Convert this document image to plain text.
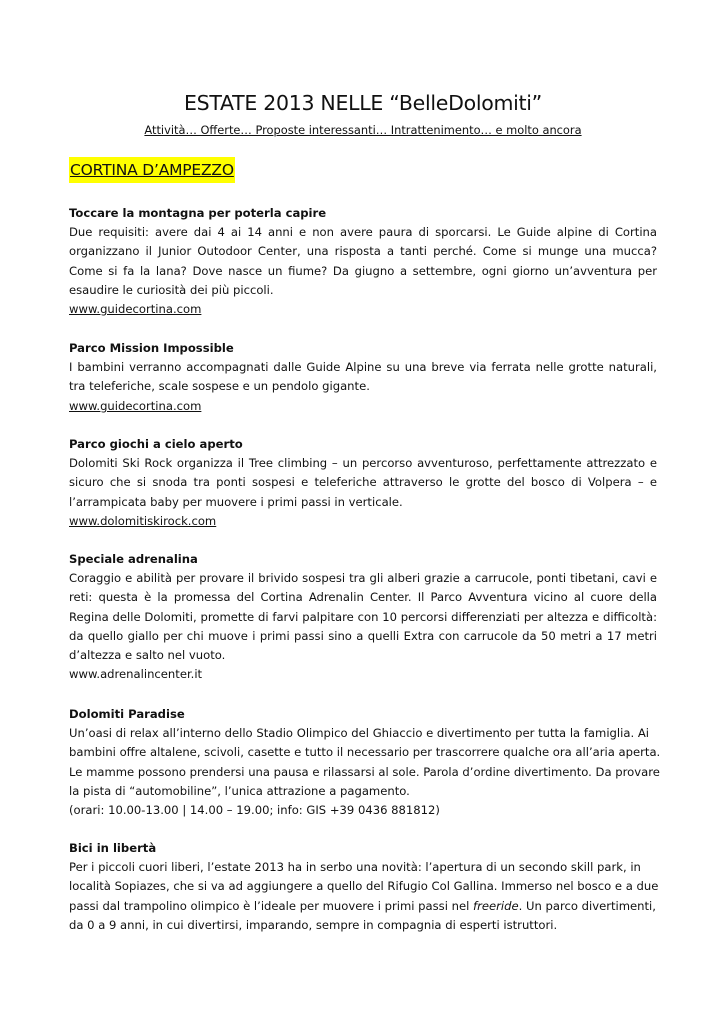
ESTATE 2013 NELLE “BelleDolomiti”
Attività… Offerte… Proposte interessanti… Intrattenimento… e molto ancora
CORTINA D’AMPEZZO
Toccare la montagna per poterla capire
Due requisiti: avere dai 4 ai 14 anni e non avere paura di sporcarsi. Le Guide alpine di Cortina organizzano il Junior Outodoor Center, una risposta a tanti perché. Come si munge una mucca? Come si fa la lana? Dove nasce un fiume? Da giugno a settembre, ogni giorno un’avventura per esaudire le curiosità dei più piccoli.
www.guidecortina.com
Parco Mission Impossible
I bambini verranno accompagnati dalle Guide Alpine su una breve via ferrata nelle grotte naturali, tra teleferiche, scale sospese e un pendolo gigante.
www.guidecortina.com
Parco giochi a cielo aperto
Dolomiti Ski Rock organizza il Tree climbing – un percorso avventuroso, perfettamente attrezzato e sicuro che si snoda tra ponti sospesi e teleferiche attraverso le grotte del bosco di Volpera – e l’arrampicata baby per muovere i primi passi in verticale.
www.dolomitiskirock.com
Speciale adrenalina
Coraggio e abilità per provare il brivido sospesi tra gli alberi grazie a carrucole, ponti tibetani, cavi e reti: questa è la promessa del Cortina Adrenalin Center. Il Parco Avventura vicino al cuore della Regina delle Dolomiti, promette di farvi palpitare con 10 percorsi differenziati per altezza e difficoltà: da quello giallo per chi muove i primi passi sino a quelli Extra con carrucole da 50 metri a 17 metri d’altezza e salto nel vuoto.
www.adrenalincenter.it
Dolomiti Paradise
Un’oasi di relax all’interno dello Stadio Olimpico del Ghiaccio e divertimento per tutta la famiglia. Ai
bambini offre altalene, scivoli, casette e tutto il necessario per trascorrere qualche ora all’aria aperta.
Le mamme possono prendersi una pausa e rilassarsi al sole. Parola d’ordine divertimento. Da provare
la pista di “automobiline”, l’unica attrazione a pagamento.
(orari: 10.00-13.00 | 14.00 – 19.00; info: GIS +39 0436 881812)
Bici in libertà
Per i piccoli cuori liberi, l’estate 2013 ha in serbo una novità: l’apertura di un secondo skill park, in
località Sopiazes, che si va ad aggiungere a quello del Rifugio Col Gallina. Immerso nel bosco e a due
passi dal trampolino olimpico è l’ideale per muovere i primi passi nel freeride. Un parco divertimenti,
da 0 a 9 anni, in cui divertirsi, imparando, sempre in compagnia di esperti istruttori.
